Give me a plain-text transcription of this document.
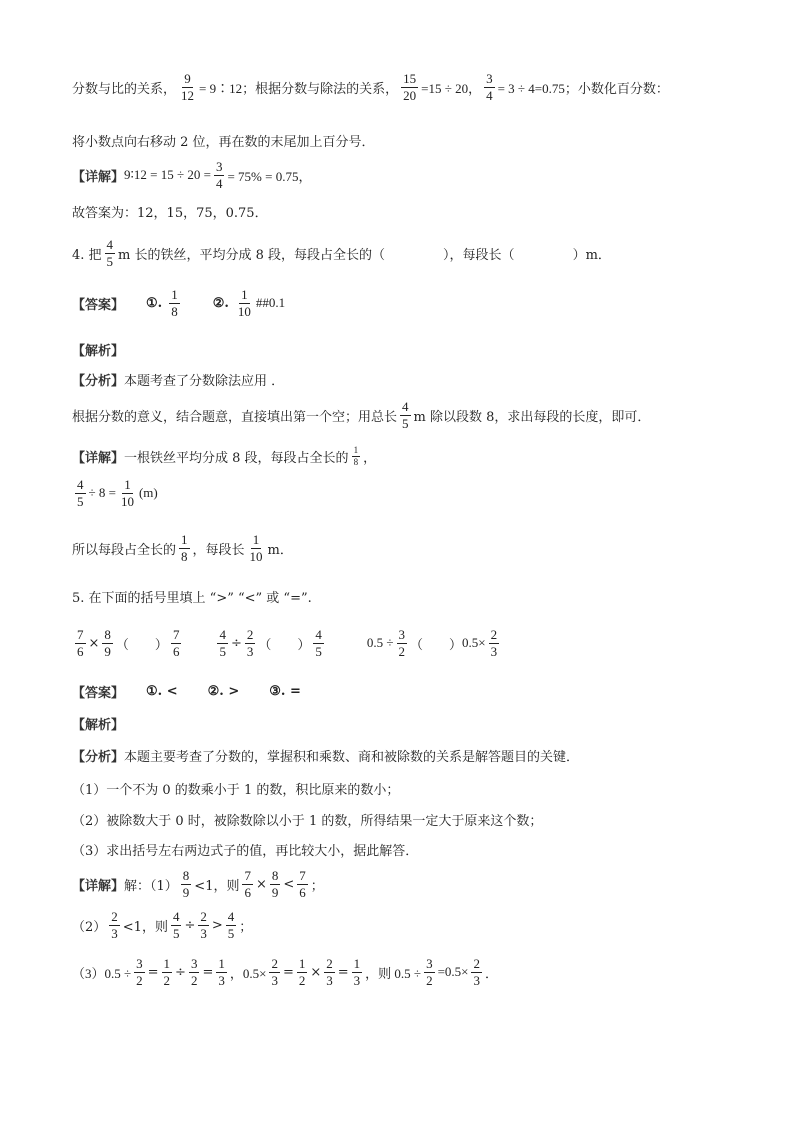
分数与比的关系， $\frac{9}{12}$ = 9∶12；根据分数与除法的关系， $\frac{15}{20} =15 \div 20$， $\frac{3}{4} = 3 \div 4=0.75$；小数化百分数：
将小数点向右移动 2 位，再在数的末尾加上百分号．
【详解】 9∶12 = $15 \div 20 = \frac{3}{4} = 75\% = 0.75$，
故答案为：12，15，75，0.75．
4. 把 $\frac{4}{5}$ m 长的铁丝，平均分成 8 段，每段占全长的（	），每段长（	）m．
【答案】 ①. $\frac{1}{8}$	②. $\frac{1}{10}$ ##0.1
【解析】
【分析】 本题考查了分数除法应用 ．
根据分数的意义，结合题意，直接填出第一个空；用总长 $\frac{4}{5}$ m 除以段数 8，求出每段的长度，即可．
【详解】 一根铁丝平均分成 8 段，每段占全长的 $\frac{1}{8}$ ，
$\frac{4}{5} \div 8 = \frac{1}{10} (m)$
所以每段占全长的 $\frac{1}{8}$ ，每段长 $\frac{1}{10}$ m．
5. 在下面的括号里填上 “>” “<” 或 “=”.
$\frac{7}{6} \times \frac{8}{9}$ （ ） $\frac{7}{6}$	$\frac{4}{5} \div \frac{2}{3}$ （ ） $\frac{4}{5}$	$0.5 \div \frac{3}{2}$ （ ） $0.5\times \frac{2}{3}$
【答案】 ①. < ②. > ③. =
【解析】
【分析】 本题主要考查了分数的，掌握积和乘数、商和被除数的关系是解答题目的关键．
（1）一个不为 0 的数乘小于 1 的数，积比原来的数小；
（2）被除数大于 0 时，被除数除以小于 1 的数，所得结果一定大于原来这个数；
（3）求出括号左右两边式子的值，再比较大小，据此解答．
【详解】 解：$(1) \frac{8}{9} <1$，则 $\frac{7}{6} \times \frac{8}{9} < \frac{7}{6}$ ；
$(2) \frac{2}{3} <1$，则 $\frac{4}{5} \div \frac{2}{3} > \frac{4}{5}$ ；
$(3)0.5 \div \frac{3}{2} = \frac{1}{2} \div \frac{3}{2} = \frac{1}{3}$ ，$0.5\times \frac{2}{3} = \frac{1}{2} \times \frac{2}{3} = \frac{1}{3}$ ，则 $0.5 \div \frac{3}{2} =0.5\times \frac{2}{3}$ ．
